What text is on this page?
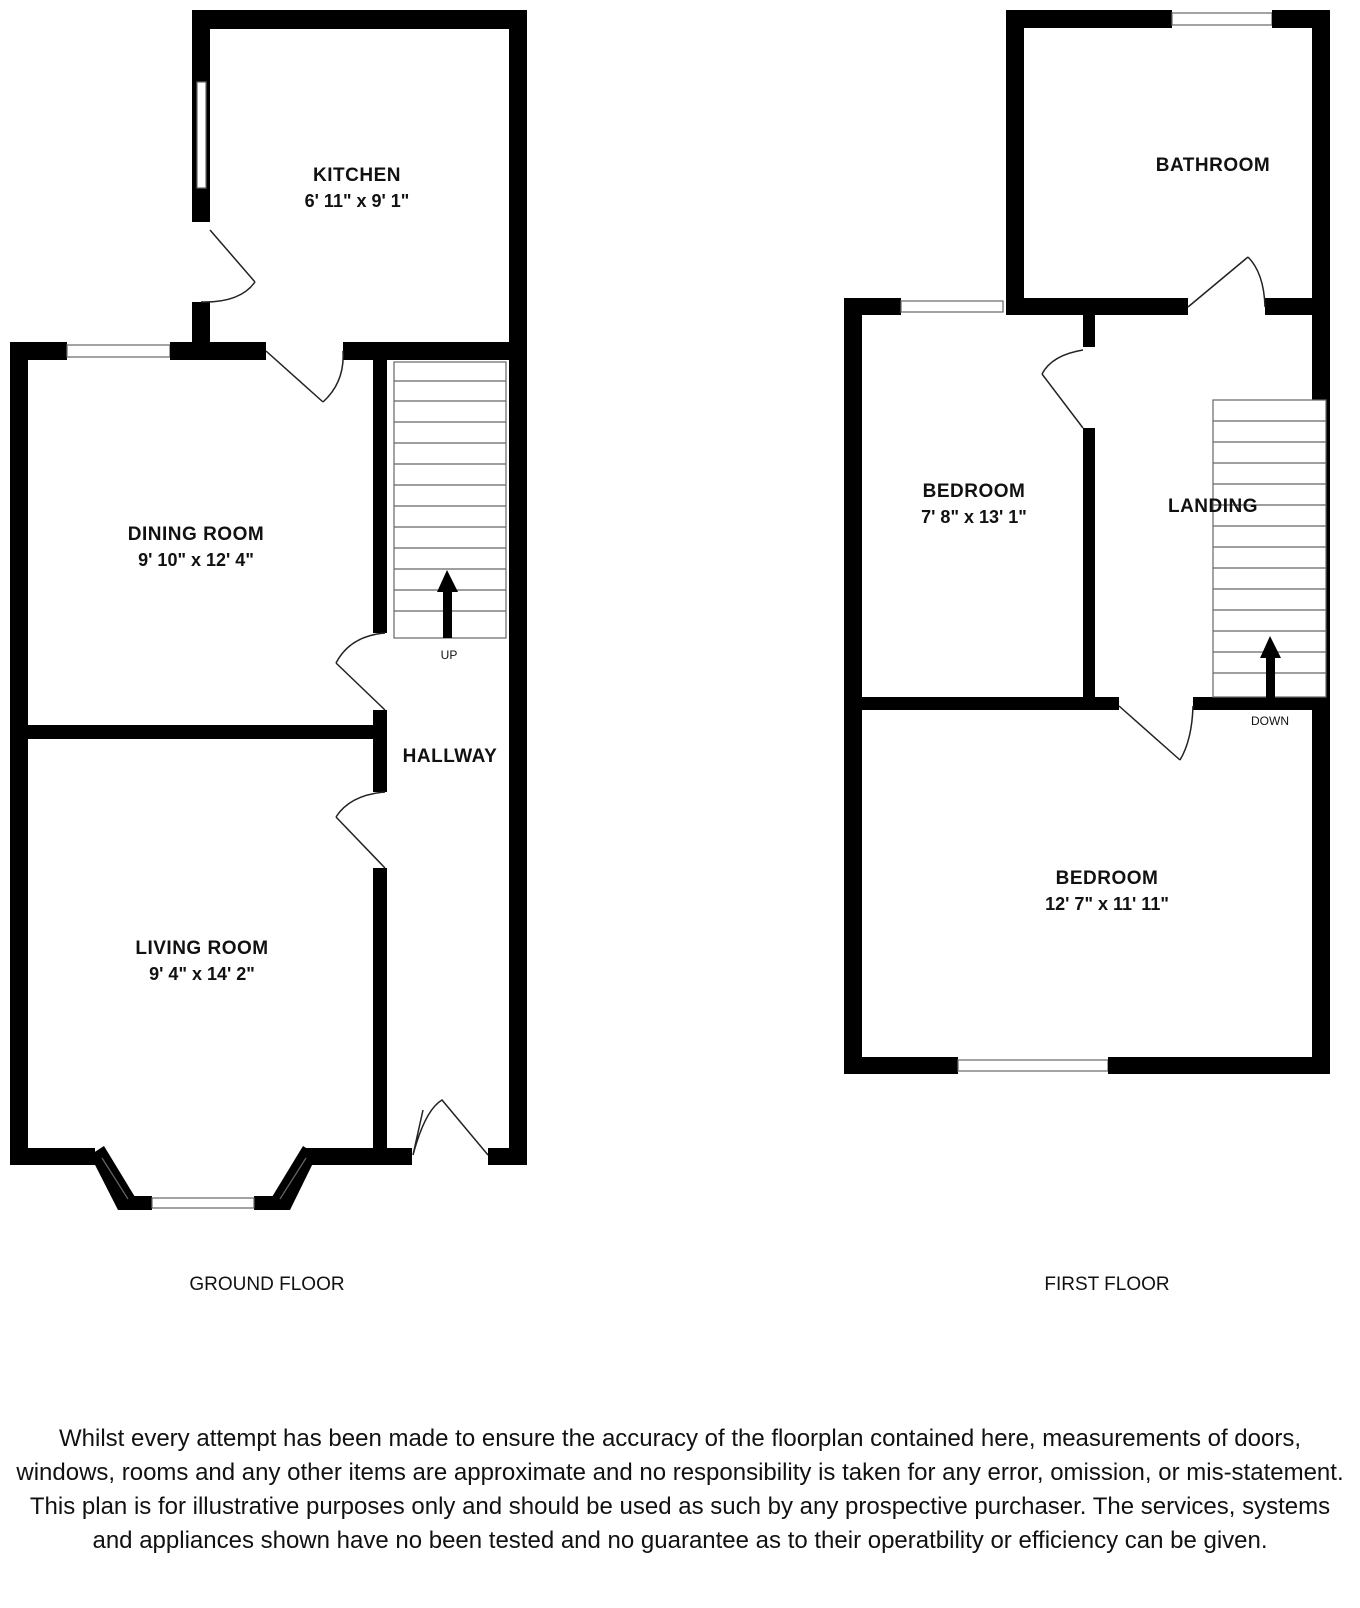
KITCHEN
6' 11" x 9' 1"
DINING ROOM
9' 10" x 12' 4"
LIVING ROOM
9' 4" x 14' 2"
HALLWAY
UP
GROUND FLOOR
BATHROOM
BEDROOM
7' 8" x 13' 1"	LANDING
BEDROOM
12' 7" x 11' 11"
DOWN
FIRST FLOOR

Whilst every attempt has been made to ensure the accuracy of the floorplan contained here, measurements of doors, windows, rooms and any other items are approximate and no responsibility is taken for any error, omission, or mis-statement. This plan is for illustrative purposes only and should be used as such by any prospective purchaser. The services, systems and appliances shown have no been tested and no guarantee as to their operatbility or efficiency can be given.
